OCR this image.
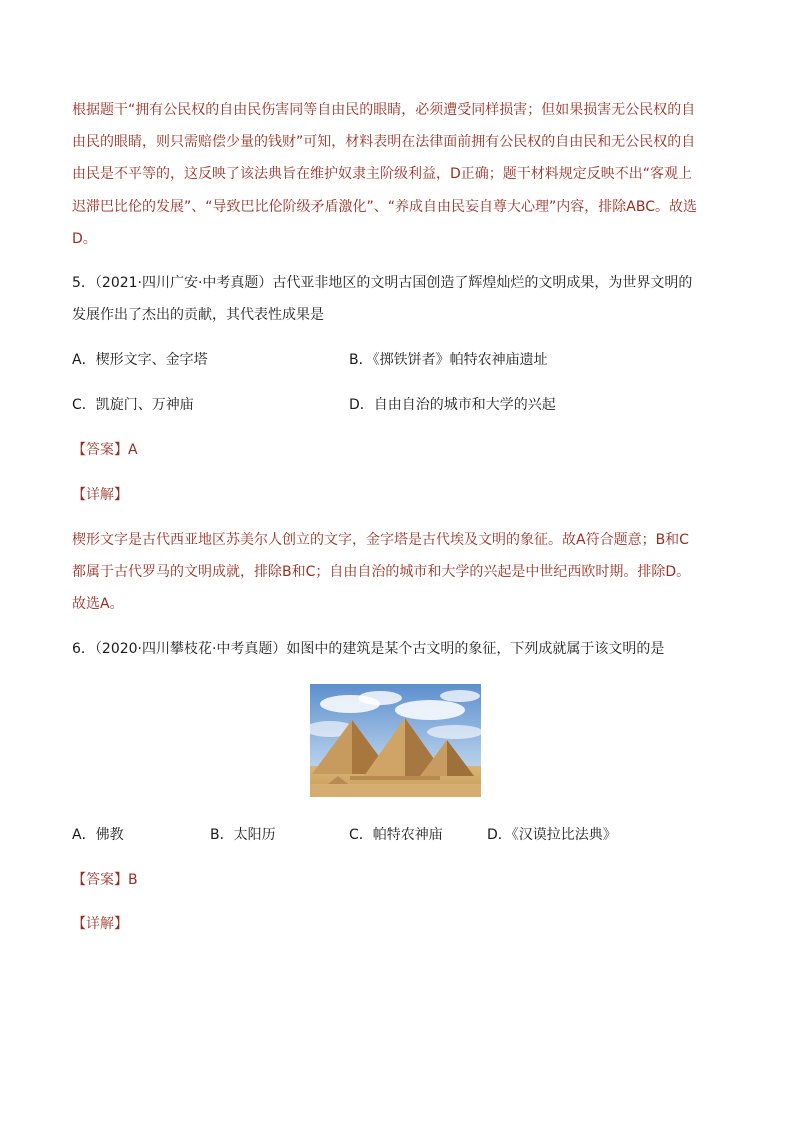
根据题干“拥有公民权的自由民伤害同等自由民的眼睛，必须遭受同样损害；但如果损害无公民权的自
由民的眼睛，则只需赔偿少量的钱财”可知，材料表明在法律面前拥有公民权的自由民和无公民权的自
由民是不平等的，这反映了该法典旨在维护奴隶主阶级利益，D正确；题干材料规定反映不出“客观上
迟滞巴比伦的发展”、“导致巴比伦阶级矛盾激化”、“养成自由民妄自尊大心理”内容，排除ABC。故选
D。
5．（2021·四川广安·中考真题）古代亚非地区的文明古国创造了辉煌灿烂的文明成果，为世界文明的
发展作出了杰出的贡献，其代表性成果是
A．楔形文字、金字塔	B．《掷铁饼者》帕特农神庙遗址
C．凯旋门、万神庙	D．自由自治的城市和大学的兴起
【答案】A
【详解】
楔形文字是古代西亚地区苏美尔人创立的文字，金字塔是古代埃及文明的象征。故A符合题意；B和C
都属于古代罗马的文明成就，排除B和C；自由自治的城市和大学的兴起是中世纪西欧时期。排除D。
故选A。
6．（2020·四川攀枝花·中考真题）如图中的建筑是某个古文明的象征，下列成就属于该文明的是
A．佛教	B．太阳历	C．帕特农神庙	D．《汉谟拉比法典》
【答案】B
【详解】
